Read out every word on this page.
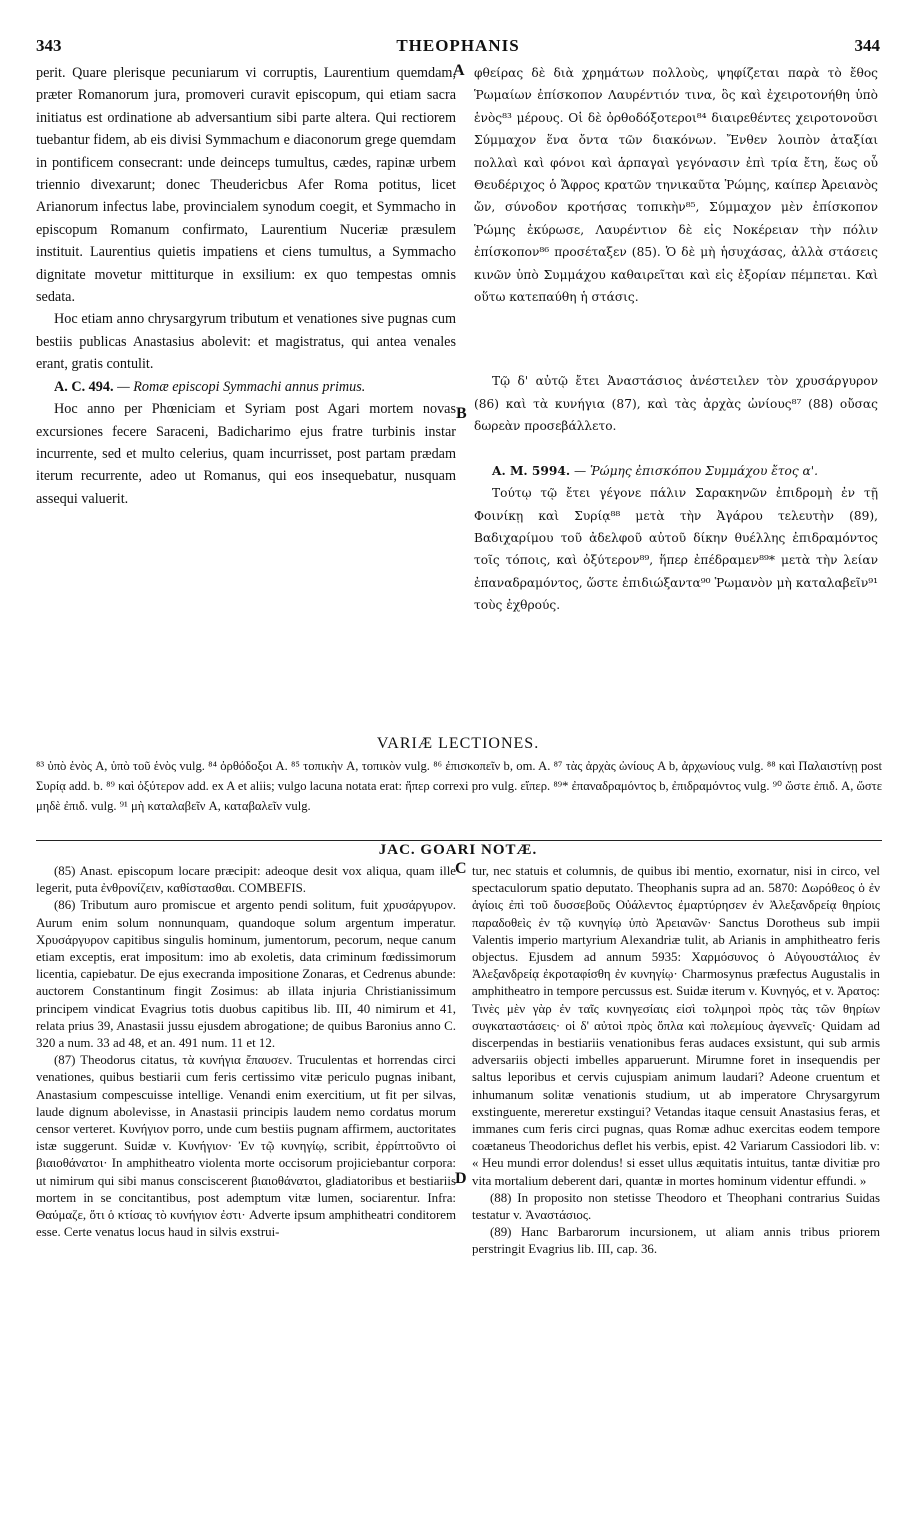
343	THEOPHANIS	344
A
B
C
D

perit. Quare plerisque pecuniarum vi corruptis, Laurentium quemdam, præter Romanorum jura, promoveri curavit episcopum, qui etiam sacra initiatus est ordinatione ab adversantium sibi parte altera. Qui rectiorem tuebantur fidem, ab eis divisi Symmachum e diaconorum grege quemdam in pontificem consecrant: unde deinceps tumultus, cædes, rapinæ urbem triennio divexarunt; donec Theudericbus Afer Roma potitus, licet Arianorum infectus labe, provincialem synodum coegit, et Symmacho in episcopum Romanum confirmato, Laurentium Nuceriæ præsulem instituit. Laurentius quietis impatiens et ciens tumultus, a Symmacho dignitate movetur mittiturque in exsilium: ex quo tempestas omnis sedata.

Hoc etiam anno chrysargyrum tributum et venationes sive pugnas cum bestiis publicas Anastasius abolevit: et magistratus, qui antea venales erant, gratis contulit.

A. C. 494. — Romæ episcopi Symmachi annus primus.

Hoc anno per Phœniciam et Syriam post Agari mortem novas excursiones fecere Saraceni, Badicharimo ejus fratre turbinis instar incurrente, sed et multo celerius, quam incurrisset, post partam prædam iterum recurrente, adeo ut Romanus, qui eos insequebatur, nusquam assequi valuerit.

φθείρας δὲ διὰ χρημάτων πολλοὺς, ψηφίζεται παρὰ τὸ ἔθος Ῥωμαίων ἐπίσκοπον Λαυρέντιόν τινα, ὃς καὶ ἐχειροτονήθη ὑπὸ ἑνὸς⁸³ μέρους. Οἱ δὲ ὀρθοδόξοτεροι⁸⁴ διαιρεθέντες χειροτονοῦσι Σύμμαχον ἕνα ὄντα τῶν διακόνων. Ἔνθεν λοιπὸν ἀταξίαι πολλαὶ καὶ φόνοι καὶ ἁρπαγαὶ γεγόνασιν ἐπὶ τρία ἔτη, ἕως οὗ Θευδέριχος ὁ Ἄφρος κρατῶν τηνικαῦτα Ῥώμης, καίπερ Ἀρειανὸς ὤν, σύνοδον κροτήσας τοπικὴν⁸⁵, Σύμμαχον μὲν ἐπίσκοπον Ῥώμης ἐκύρωσε, Λαυρέντιον δὲ εἰς Νοκέρειαν τὴν πόλιν ἐπίσκοπον⁸⁶ προσέταξεν (85). Ὁ δὲ μὴ ἡσυχάσας, ἀλλὰ στάσεις κινῶν ὑπὸ Συμμάχου καθαιρεῖται καὶ εἰς ἐξορίαν πέμπεται. Καὶ οὕτω κατεπαύθη ἡ στάσις.

Τῷ δ' αὐτῷ ἔτει Ἀναστάσιος ἀνέστειλεν τὸν χρυσάργυρον (86) καὶ τὰ κυνήγια (87), καὶ τὰς ἀρχὰς ὠνίους⁸⁷ (88) οὔσας δωρεὰν προσεβάλλετο.

A. M. 5994. — Ῥώμης ἐπισκόπου Συμμάχου ἔτος α'.

Τούτῳ τῷ ἔτει γέγονε πάλιν Σαρακηνῶν ἐπιδρομὴ ἐν τῇ Φοινίκῃ καὶ Συρίᾳ⁸⁸ μετὰ τὴν Ἀγάρου τελευτὴν (89), Βαδιχαρίμου τοῦ ἀδελφοῦ αὐτοῦ δίκην θυέλλης ἐπιδραμόντος τοῖς τόποις, καὶ ὀξύτερον⁸⁹, ἥπερ ἐπέδραμεν⁸⁹* μετὰ τὴν λείαν ἐπαναδραμόντος, ὥστε ἐπιδιώξαντα⁹⁰ Ῥωμανὸν μὴ καταλαβεῖν⁹¹ τοὺς ἐχθρούς.

VARIÆ LECTIONES.

⁸³ ὑπὸ ἑνὸς A, ὑπὸ τοῦ ἑνὸς vulg. ⁸⁴ ὀρθόδοξοι A. ⁸⁵ τοπικὴν A, τοπικὸν vulg. ⁸⁶ ἐπισκοπεῖν b, om. A. ⁸⁷ τὰς ἀρχὰς ὠνίους A b, ἀρχωνίους vulg. ⁸⁸ καὶ Παλαιστίνῃ post Συρίᾳ add. b. ⁸⁹ καὶ ὀξύτερον add. ex A et aliis; vulgo lacuna notata erat: ἥπερ correxi pro vulg. εἴπερ. ⁸⁹* ἐπαναδραμόντος b, ἐπιδραμόντος vulg. ⁹⁰ ὥστε ἐπιδ. A, ὥστε μηδὲ ἐπιδ. vulg. ⁹¹ μὴ καταλαβεῖν A, καταβαλεῖν vulg.

JAC. GOARI NOTÆ.

(85) Anast. episcopum locare præcipit: adeoque desit vox aliqua, quam ille legerit, puta ἐνθρονίζειν, καθίστασθαι. COMBEFIS.

(86) Tributum auro promiscue et argento pendi solitum, fuit χρυσάργυρον. Aurum enim solum nonnunquam, quandoque solum argentum imperatur. Χρυσάργυρον capitibus singulis hominum, jumentorum, pecorum, neque canum etiam exceptis, erat impositum: imo ab exoletis, data criminum fœdissimorum licentia, capiebatur. De ejus execranda impositione Zonaras, et Cedrenus abunde: auctorem Constantinum fingit Zosimus: ab illata injuria Christianissimum principem vindicat Evagrius totis duobus capitibus lib. III, 40 nimirum et 41, relata prius 39, Anastasii jussu ejusdem abrogatione; de quibus Baronius anno C. 320 a num. 33 ad 48, et an. 491 num. 11 et 12.

(87) Theodorus citatus, τὰ κυνήγια ἔπαυσεν. Truculentas et horrendas circi venationes, quibus bestiarii cum feris certissimo vitæ periculo pugnas inibant, Anastasium compescuisse intellige. Venandi enim exercitium, ut fit per silvas, laude dignum abolevisse, in Anastasii principis laudem nemo cordatus morum censor verteret. Κυνήγιον porro, unde cum bestiis pugnam affirmem, auctoritates istæ suggerunt. Suidæ v. Κυνήγιον· Ἐν τῷ κυνηγίῳ, scribit, ἐρρίπτοῦντο οἱ βιαιοθάνατοι· In amphitheatro violenta morte occisorum projiciebantur corpora: ut nimirum qui sibi manus consciscerent βιαιοθάνατοι, gladiatoribus et bestiariis mortem in se concitantibus, post ademptum vitæ lumen, sociarentur. Infra: Θαύμαζε, ὅτι ὁ κτίσας τὸ κυνήγιον ἐστι· Adverte ipsum amphitheatri conditorem esse. Certe venatus locus haud in silvis exstrui-

tur, nec statuis et columnis, de quibus ibi mentio, exornatur, nisi in circo, vel spectaculorum spatio deputato. Theophanis supra ad an. 5870: Δωρόθεος ὁ ἐν ἁγίοις ἐπὶ τοῦ δυσσεβοῦς Οὐάλεντος ἐμαρτύρησεν ἐν Ἀλεξανδρείᾳ θηρίοις παραδοθεὶς ἐν τῷ κυνηγίῳ ὑπὸ Ἀρειανῶν· Sanctus Dorotheus sub impii Valentis imperio martyrium Alexandriæ tulit, ab Arianis in amphitheatro feris objectus. Ejusdem ad annum 5935: Χαρμόσυνος ὁ Αὐγουστάλιος ἐν Ἀλεξανδρείᾳ ἐκροταφίσθη ἐν κυνηγίῳ· Charmosynus præfectus Augustalis in amphitheatro in tempore percussus est. Suidæ iterum v. Κυνηγός, et v. Ἀρατος: Τινὲς μὲν γὰρ ἐν ταῖς κυνηγεσίαις εἰσὶ τολμηροὶ πρὸς τὰς τῶν θηρίων συγκαταστάσεις· οἱ δ' αὐτοὶ πρὸς ὅπλα καὶ πολεμίους ἀγεννεῖς· Quidam ad discerpendas in bestiariis venationibus feras audaces exsistunt, qui sub armis adversariis objecti imbelles apparuerunt. Mirumne foret in insequendis per saltus leporibus et cervis cujuspiam animum laudari? Adeone cruentum et inhumanum solitæ venationis studium, ut ab imperatore Chrysargyrum exstinguente, mereretur exstingui? Vetandas itaque censuit Anastasius feras, et immanes cum feris circi pugnas, quas Romæ adhuc exercitas eodem tempore coætaneus Theodorichus deflet his verbis, epist. 42 Variarum Cassiodori lib. v: « Heu mundi error dolendus! si esset ullus æquitatis intuitus, tantæ divitiæ pro vita mortalium deberent dari, quantæ in mortes hominum videntur effundi. »

(88) In proposito non stetisse Theodoro et Theophani contrarius Suidas testatur v. Ἀναστάσιος.

(89) Hanc Barbarorum incursionem, ut aliam annis tribus priorem perstringit Evagrius lib. III, cap. 36.
